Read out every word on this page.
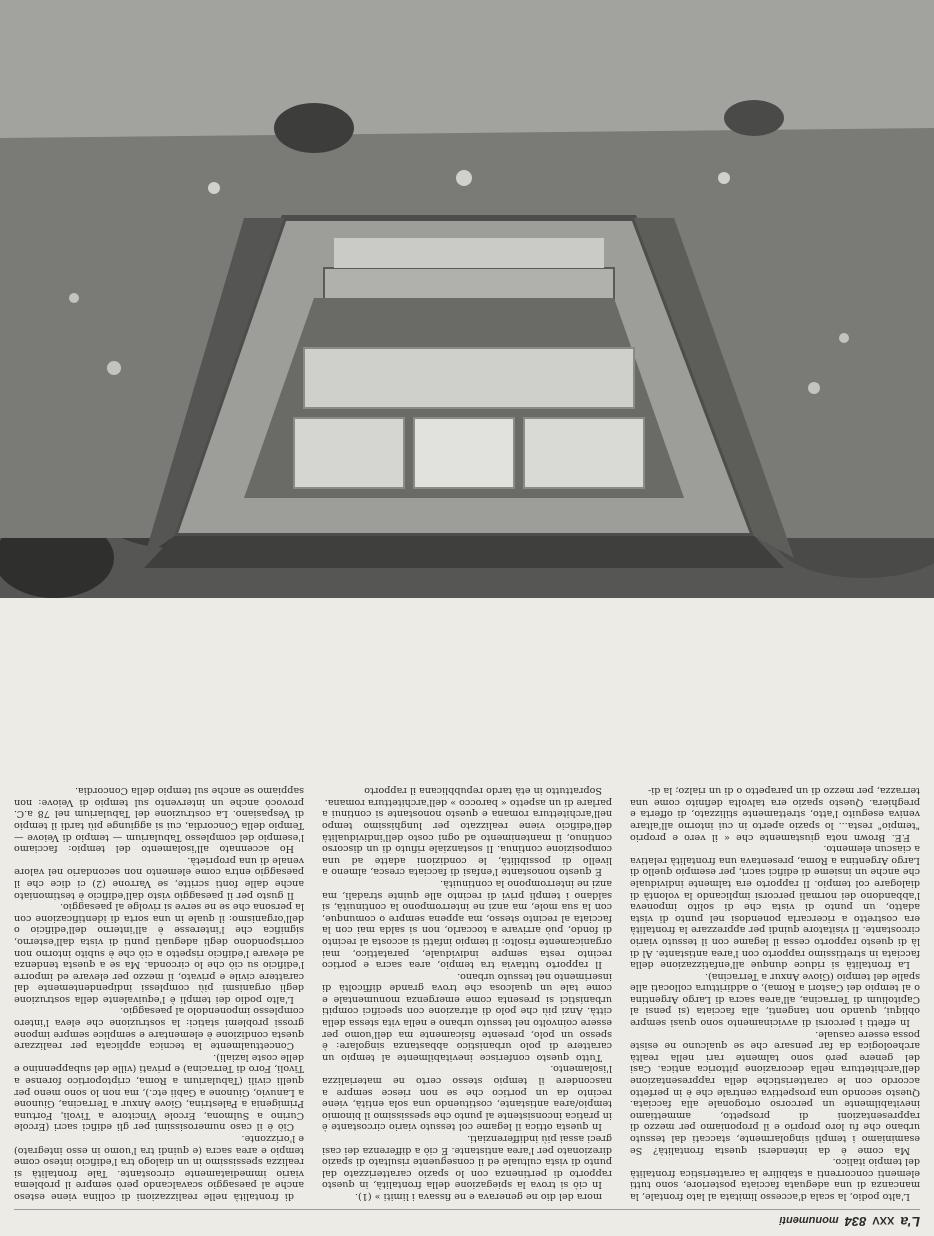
L'a
XXV
834
monumenti

L'alto podio, la scala d'accesso limitata al lato frontale, la mancanza di una adeguata facciata posteriore, sono tutti elementi concorrenti a stabilire la caratteristica frontalità del tempio italico.

Ma come è da intendersi questa frontalità? Se esaminiamo i templi singolarmente, staccati dal tessuto urbano che fu loro proprio e il proponiamo per mezzo di rappresentazioni di prospetto, ammettiamo inevitabilmente un percorso ortogonale alla facciata. Questo secondo una prospettiva centrale che è in perfetto accordo con le caratteristiche della rappresentazione dell'architettura nella decorazione pittorica antica. Casi del genere però sono talmente rari nella realtà archeologica da far pensare che se qualcuno ne esiste possa essere casuale.

In effetti i percorsi di avvicinamento sono quasi sempre obliqui, quando non tangenti, alla facciata (si pensi al Capitolium di Terracina, all'area sacra di Largo Argentina o al tempio dei Castori a Roma), o addirittura collocati alle spalle del tempio (Giove Anxur a Terracina).

La frontalità si riduce dunque all'enfatizzazione della facciata in strettissimo rapporto con l'area antistante. Al di là di questo rapporto cessa il legame con il tessuto viario circostante. Il visitatore quindi per apprezzare la frontalità era costretto a ricercarla ponendosi nel punto di vista adatto, un punto di vista che di solito imponeva l'abbandono dei normali percorsi implicando la volontà di dialogare col tempio. Il rapporto era talmente individuale che anche un insieme di edifici sacri, per esempio quello di Largo Argentina a Roma, presentava una frontalità relativa a ciascun elemento.

F.E. Brown nota giustamente che « il vero e proprio "tempio" resta... lo spazio aperto in cui intorno all'altare veniva eseguito l'atto, strettamente stilizzato, di offerta e preghiera. Questo spazio era talvolta definito come una terrazza, per mezzo di un parapetto o di un rialzo; la di-

mora del dio ne generava e ne fissava i limiti » (1).

In ciò si trova la spiegazione della frontalità, in questo rapporto di pertinenza con lo spazio caratterizzato dal punto di vista cultuale ed il conseguente risultato di spazio direzionato per l'area antistante. È ciò a differenza dei casi greci assai più indifferenziati.

In questa ottica il legame col tessuto viario circostante è in pratica inconsistente al punto che spessissimo il binomio tempio/area antistante, costituendo una sola entità, viene recinto da un portico che se non riesce sempre a nascondere il tempio stesso certo ne materializza l'isolamento.

Tutto questo conferisce inevitabilmente al tempio un carattere di polo urbanistico abbastanza singolare: è spesso un polo, presente fisicamente ma dell'uomo per essere coinvolto nel tessuto urbano e nella vita stessa della città. Anzi più che polo di attrazione con specifici compiti urbanistici si presenta come emergenza monumentale e come tale un qualcosa che trova grande difficoltà di inserimento nel tessuto urbano.

Il rapporto tuttavia tra tempio, area sacra e portico recinto resta sempre individuale, paratattico, mai organicamente risolto: il tempio infatti si accosta al recinto di fondo, può arrivare a toccarlo, non si salda mai con la facciata al recinto stesso, ma appena sempre o comunque, con la sua mole, ma anzi ne interrompono la continuità, si saldano i templi privi di recinto alle quinte stradali, ma anzi ne interrompono la continuità.

È questo nonostante l'enfasi di facciata cresca, almeno a livello di possibilità, le condizioni adatte ad una composizione continua. Il sostanziale rifiuto di un discorso continuo, il mantenimento ad ogni costo dell'individualità dell'edificio viene realizzato per lunghissimo tempo nell'architettura romana e questo nonostante si continui a parlare di un aspetto « barocco » dell'architettura romana.

Soprattutto in età tardo repubblicana il rapporto

di frontalità nelle realizzazioni di collina viene esteso anche al paesaggio scavalcando però sempre il problema viario immediatamente circostante. Tale frontalità si realizza spessissimo in un dialogo tra l'edificio inteso come tempio e area sacra (e quindi tra l'uomo in esso integrato) e l'orizzonte.

Ciò è il caso numerosissimi per gli edifici sacri (Ercole Curino a Sulmona, Ercole Vincitore a Tivoli, Fortuna Primigenia a Palestrina, Giove Anxur a Terracina, Giunone a Lanuvio, Giunone a Gabii etc.), ma non lo sono meno per quelli civili (Tabularium a Roma, criptoportico forense a Tivoli, Foro di Terracina) e privati (ville del subappennino e delle coste laziali).

Concettualmente la tecnica applicata per realizzare questa condizione è elementare e semplice sempre impone grossi problemi statici: la sostruzione che eleva l'intero complesso imponendolo al paesaggio.

L'alto podio dei templi è l'equivalente della sostruzione degli organismi più complessi indipendentemente dal carattere civile e privato, il mezzo per elevare ed imporre l'edificio su ciò che lo circonda. Ma se a questa tendenza ad elevare l'edificio rispetto a ciò che è subito intorno non corrispondono degli adeguati punti di vista dall'esterno, significa che l'interesse è all'interno dell'edificio o dell'organismo: il quale in una sorta di identificazione con la persona che se ne serve si rivolge al paesaggio.

Il gusto per il paesaggio visto dall'edificio è testimoniato anche dalle fonti scritte, se Varrone (2) ci dice che il paesaggio entra come elemento non secondario nel valore venale di una proprietà.

Ho accennato all'isolamento del tempio: facciamo l'esempio del complesso Tabularium — tempio di Veiove — Tempio della Concordia, cui si aggiunge più tardi il tempio di Vespasiano. La costruzione del Tabularium nel 78 a.C. provocò anche un intervento sul tempio di Veiove: non sappiamo se anche sul tempio della Concordia.
